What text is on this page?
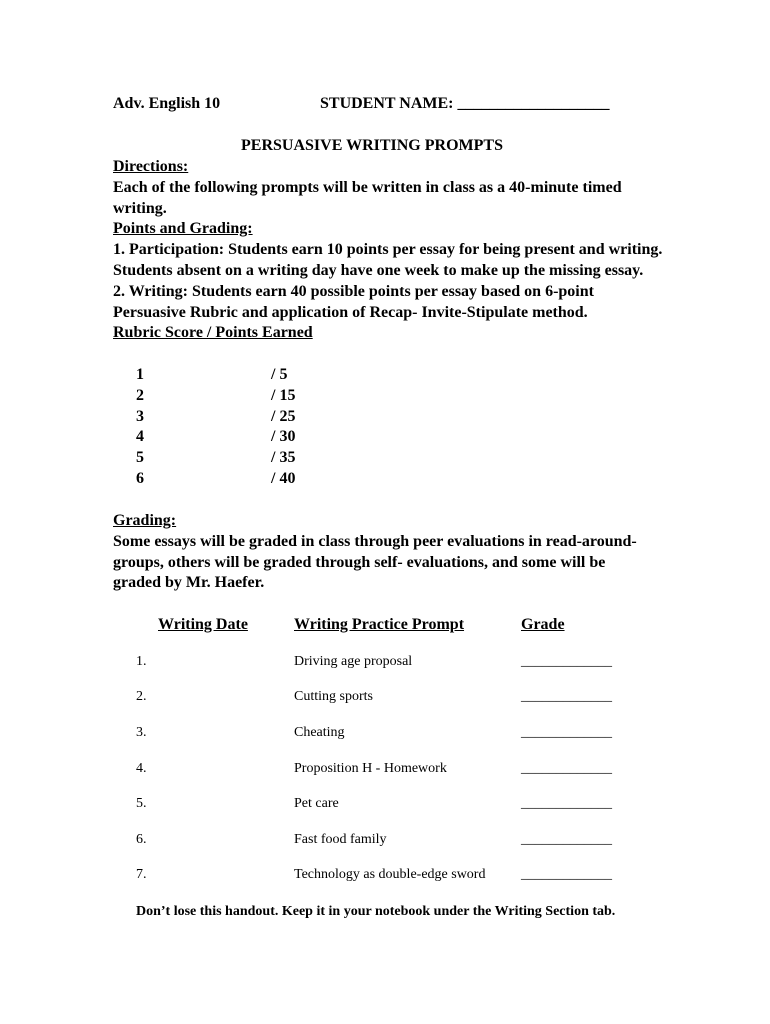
Adv. English 10	STUDENT NAME: ___________________
PERSUASIVE WRITING PROMPTS
Directions:
Each of the following prompts will be written in class as a 40-minute timed writing.
Points and Grading:
1. Participation: Students earn 10 points per essay for being present and writing. Students absent on a writing day have one week to make up the missing essay.
2. Writing: Students earn 40 possible points per essay based on 6-point Persuasive Rubric and application of Recap- Invite-Stipulate method.
Rubric Score / Points Earned
1	/ 5
2	/ 15
3	/ 25
4	/ 30
5	/ 35
6	/ 40
Grading:
Some essays will be graded in class through peer evaluations in read-around- groups, others will be graded through self- evaluations, and some will be graded by Mr. Haefer.
Writing Date	Writing Practice Prompt	Grade
1.	Driving age proposal	_____________
2.	Cutting sports	_____________
3.	Cheating	_____________
4.	Proposition H - Homework	_____________
5.	Pet care	_____________
6.	Fast food family	_____________
7.	Technology as double-edge sword	_____________
Don’t lose this handout. Keep it in your notebook under the Writing Section tab.
